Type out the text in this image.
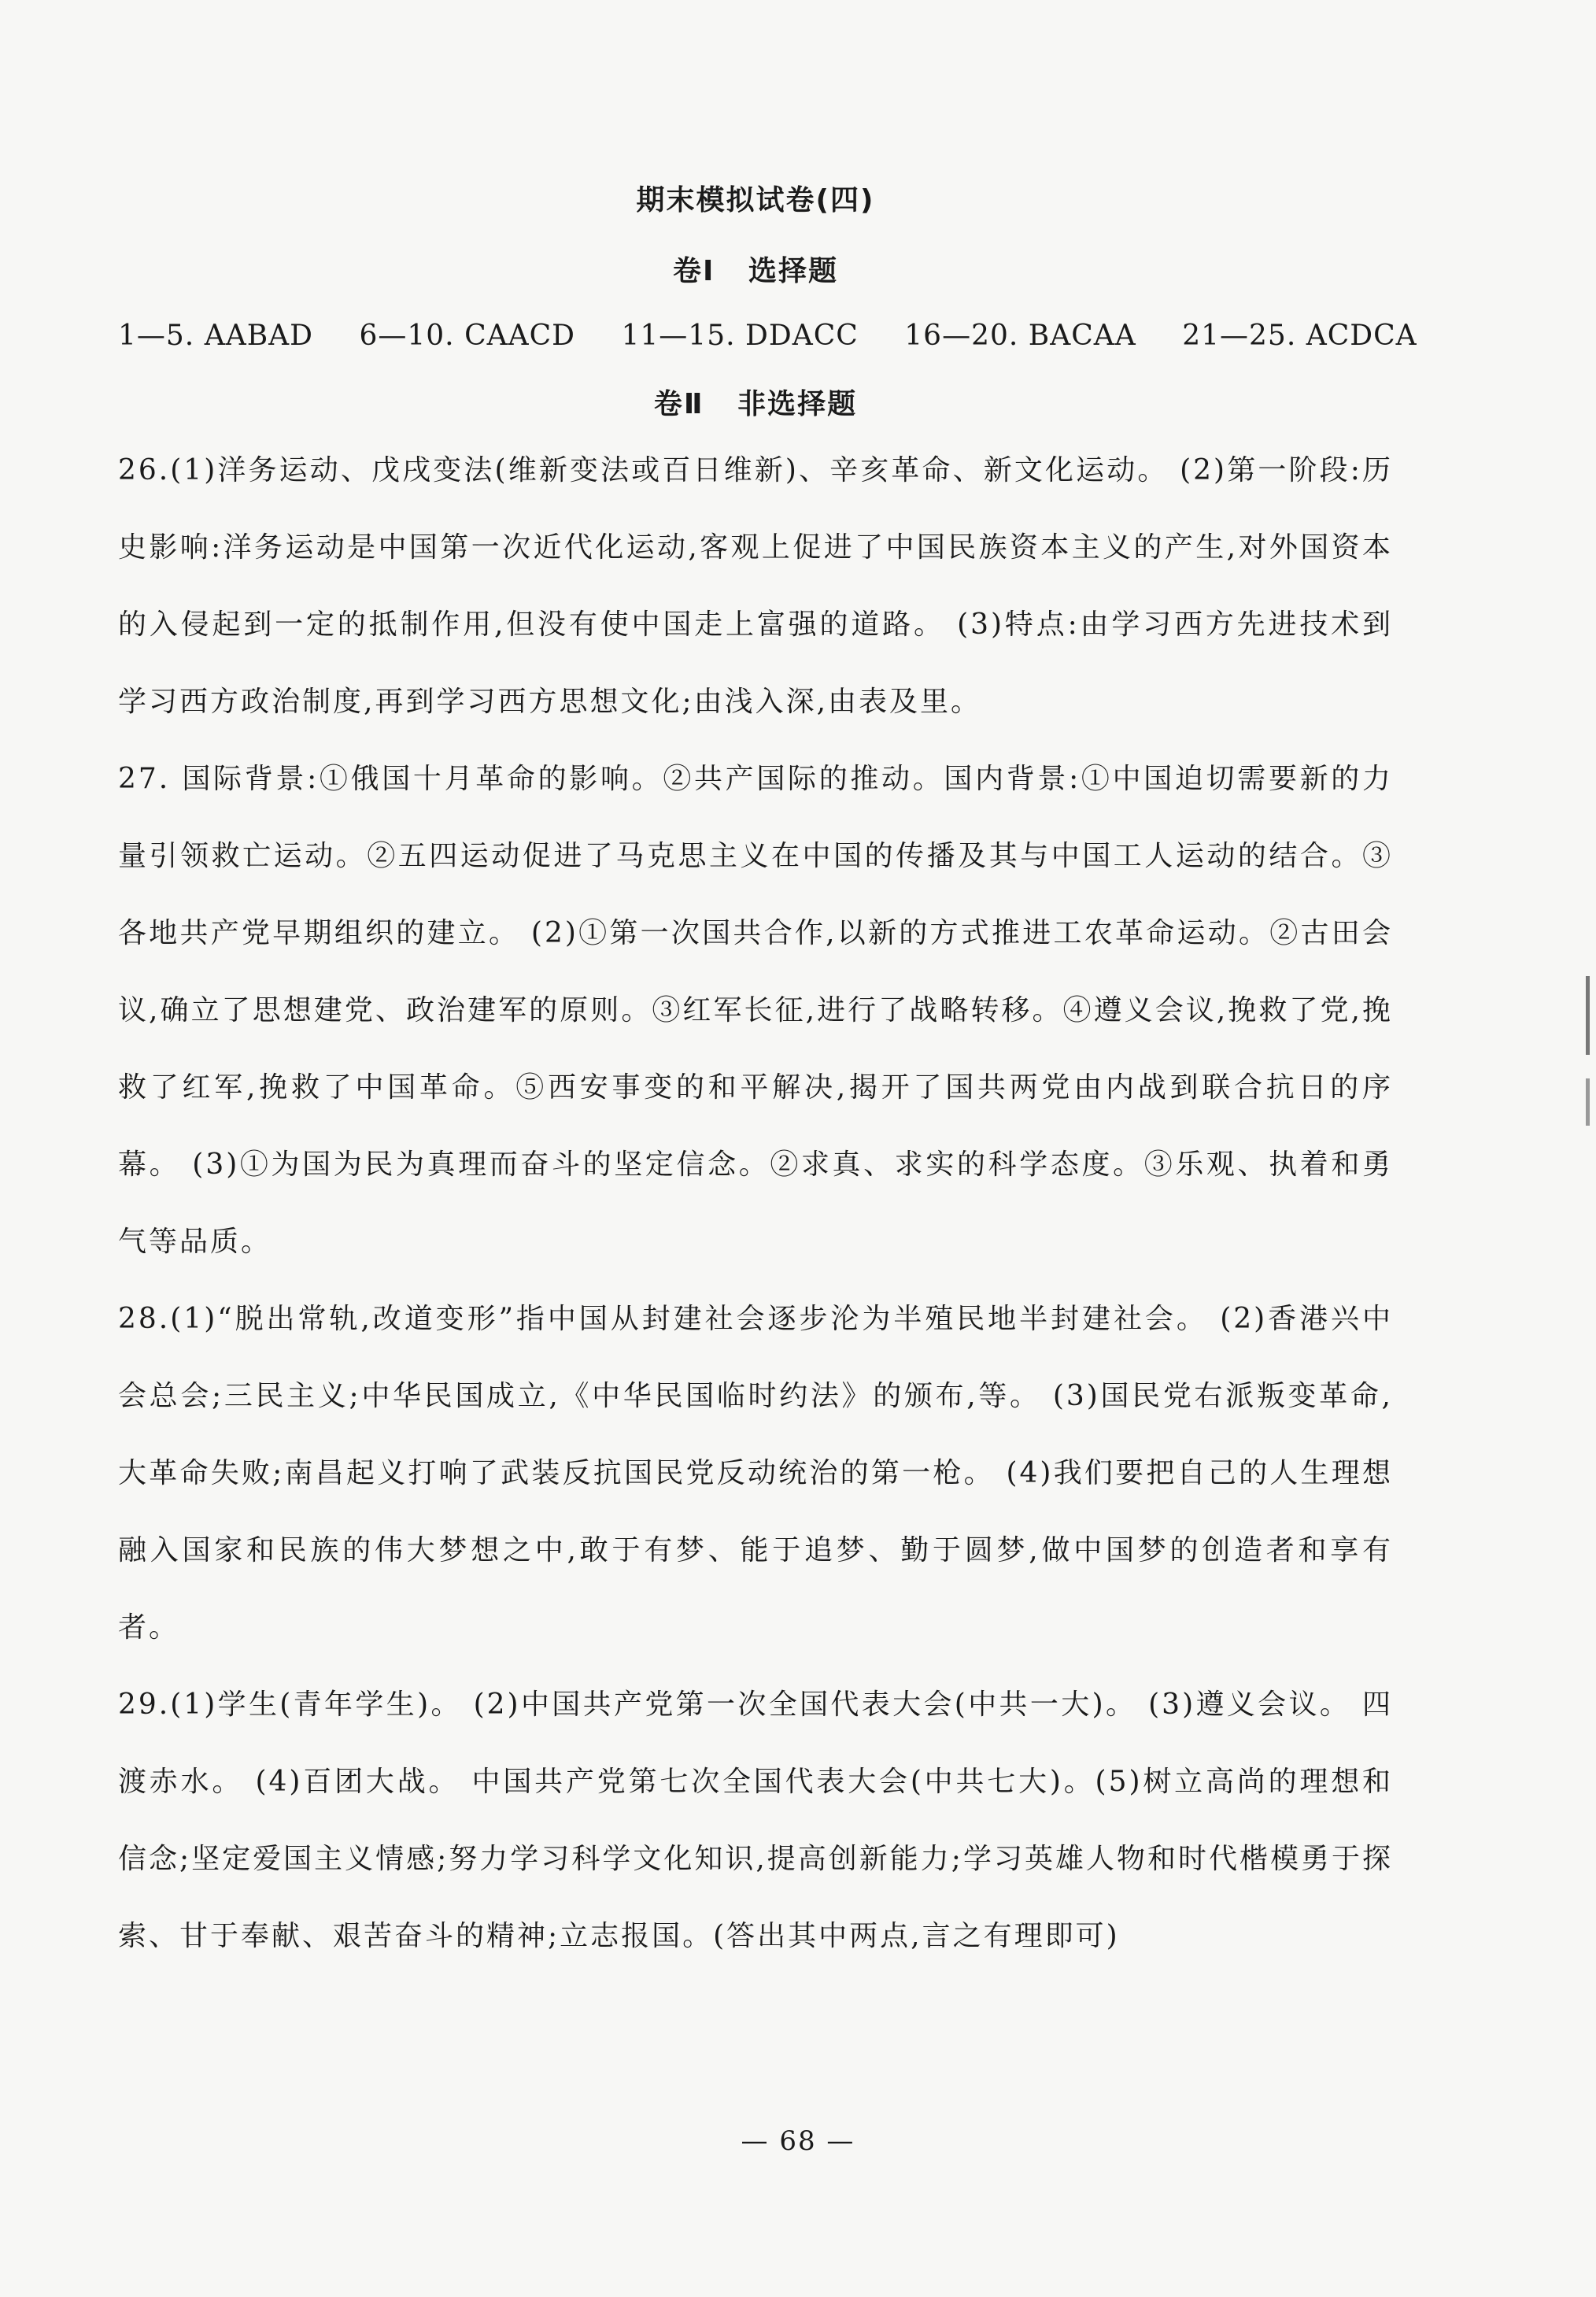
期末模拟试卷(四)
卷Ⅰ 选择题
1—5. AABAD 6—10. CAACD 11—15. DDACC 16—20. BACAA 21—25. ACDCA
卷Ⅱ 非选择题

26.(1)洋务运动、戊戌变法(维新变法或百日维新)、辛亥革命、新文化运动。 (2)第一阶段:历史影响:洋务运动是中国第一次近代化运动,客观上促进了中国民族资本主义的产生,对外国资本的入侵起到一定的抵制作用,但没有使中国走上富强的道路。 (3)特点:由学习西方先进技术到学习西方政治制度,再到学习西方思想文化;由浅入深,由表及里。

27. 国际背景:①俄国十月革命的影响。②共产国际的推动。国内背景:①中国迫切需要新的力量引领救亡运动。②五四运动促进了马克思主义在中国的传播及其与中国工人运动的结合。③各地共产党早期组织的建立。 (2)①第一次国共合作,以新的方式推进工农革命运动。②古田会议,确立了思想建党、政治建军的原则。③红军长征,进行了战略转移。④遵义会议,挽救了党,挽救了红军,挽救了中国革命。⑤西安事变的和平解决,揭开了国共两党由内战到联合抗日的序幕。 (3)①为国为民为真理而奋斗的坚定信念。②求真、求实的科学态度。③乐观、执着和勇气等品质。

28.(1)“脱出常轨,改道变形”指中国从封建社会逐步沦为半殖民地半封建社会。 (2)香港兴中会总会;三民主义;中华民国成立,《中华民国临时约法》的颁布,等。 (3)国民党右派叛变革命,大革命失败;南昌起义打响了武装反抗国民党反动统治的第一枪。 (4)我们要把自己的人生理想融入国家和民族的伟大梦想之中,敢于有梦、能于追梦、勤于圆梦,做中国梦的创造者和享有者。

29.(1)学生(青年学生)。 (2)中国共产党第一次全国代表大会(中共一大)。 (3)遵义会议。 四渡赤水。 (4)百团大战。 中国共产党第七次全国代表大会(中共七大)。(5)树立高尚的理想和信念;坚定爱国主义情感;努力学习科学文化知识,提高创新能力;学习英雄人物和时代楷模勇于探索、甘于奉献、艰苦奋斗的精神;立志报国。(答出其中两点,言之有理即可)

— 68 —
